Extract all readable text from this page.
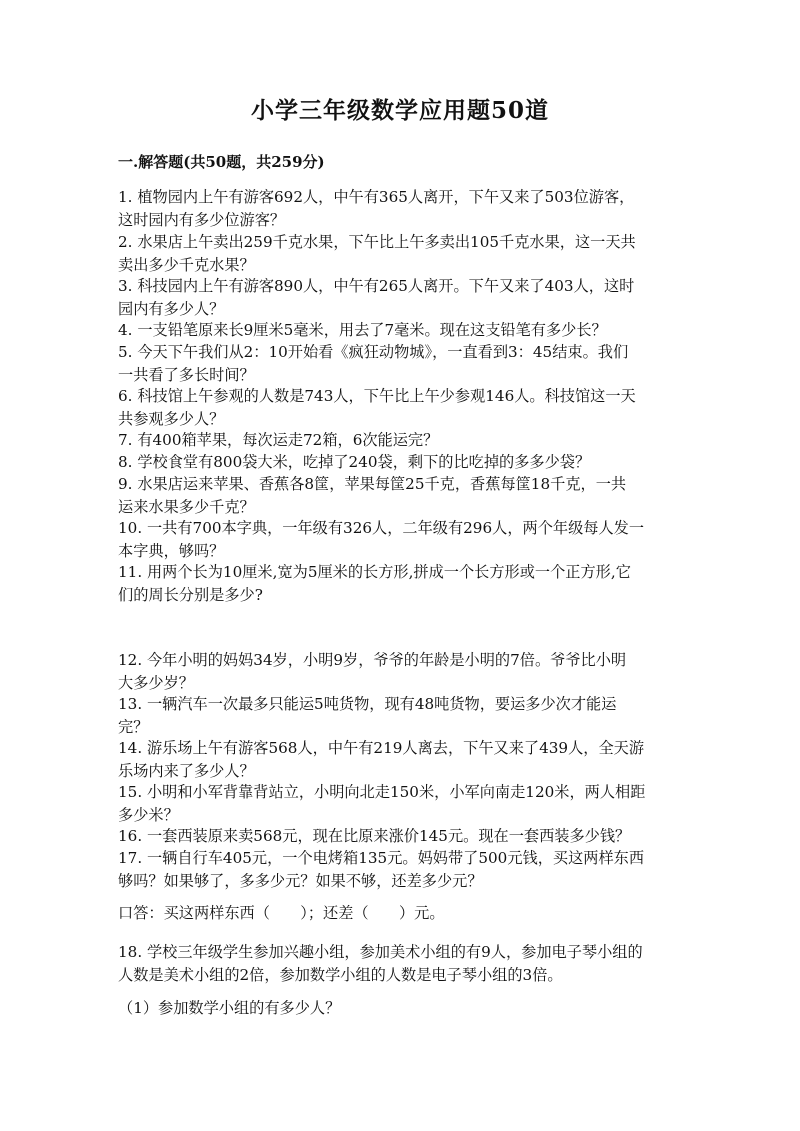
小学三年级数学应用题50道
一.解答题(共50题，共259分)
1. 植物园内上午有游客692人，中午有365人离开，下午又来了503位游客，
这时园内有多少位游客？
2. 水果店上午卖出259千克水果，下午比上午多卖出105千克水果，这一天共
卖出多少千克水果？
3. 科技园内上午有游客890人，中午有265人离开。下午又来了403人，这时
园内有多少人？
4. 一支铅笔原来长9厘米5毫米，用去了7毫米。现在这支铅笔有多少长？
5. 今天下午我们从2：10开始看《疯狂动物城》，一直看到3：45结束。我们
一共看了多长时间？
6. 科技馆上午参观的人数是743人，下午比上午少参观146人。科技馆这一天
共参观多少人？
7. 有400箱苹果，每次运走72箱，6次能运完？
8. 学校食堂有800袋大米，吃掉了240袋，剩下的比吃掉的多多少袋？
9. 水果店运来苹果、香蕉各8筐，苹果每筐25千克，香蕉每筐18千克，一共
运来水果多少千克？
10. 一共有700本字典，一年级有326人，二年级有296人，两个年级每人发一
本字典，够吗？
11. 用两个长为10厘米,宽为5厘米的长方形,拼成一个长方形或一个正方形,它
们的周长分别是多少?
12. 今年小明的妈妈34岁，小明9岁，爷爷的年龄是小明的7倍。爷爷比小明
大多少岁？
13. 一辆汽车一次最多只能运5吨货物，现有48吨货物，要运多少次才能运
完？
14. 游乐场上午有游客568人，中午有219人离去，下午又来了439人，全天游
乐场内来了多少人？
15. 小明和小军背靠背站立，小明向北走150米，小军向南走120米，两人相距
多少米？
16. 一套西装原来卖568元，现在比原来涨价145元。现在一套西装多少钱？
17. 一辆自行车405元，一个电烤箱135元。妈妈带了500元钱，买这两样东西
够吗？如果够了，多多少元？如果不够，还差多少元？
口答：买这两样东西（　　）；还差（　　）元。
18. 学校三年级学生参加兴趣小组，参加美术小组的有9人，参加电子琴小组的
人数是美术小组的2倍，参加数学小组的人数是电子琴小组的3倍。
（1）参加数学小组的有多少人？
